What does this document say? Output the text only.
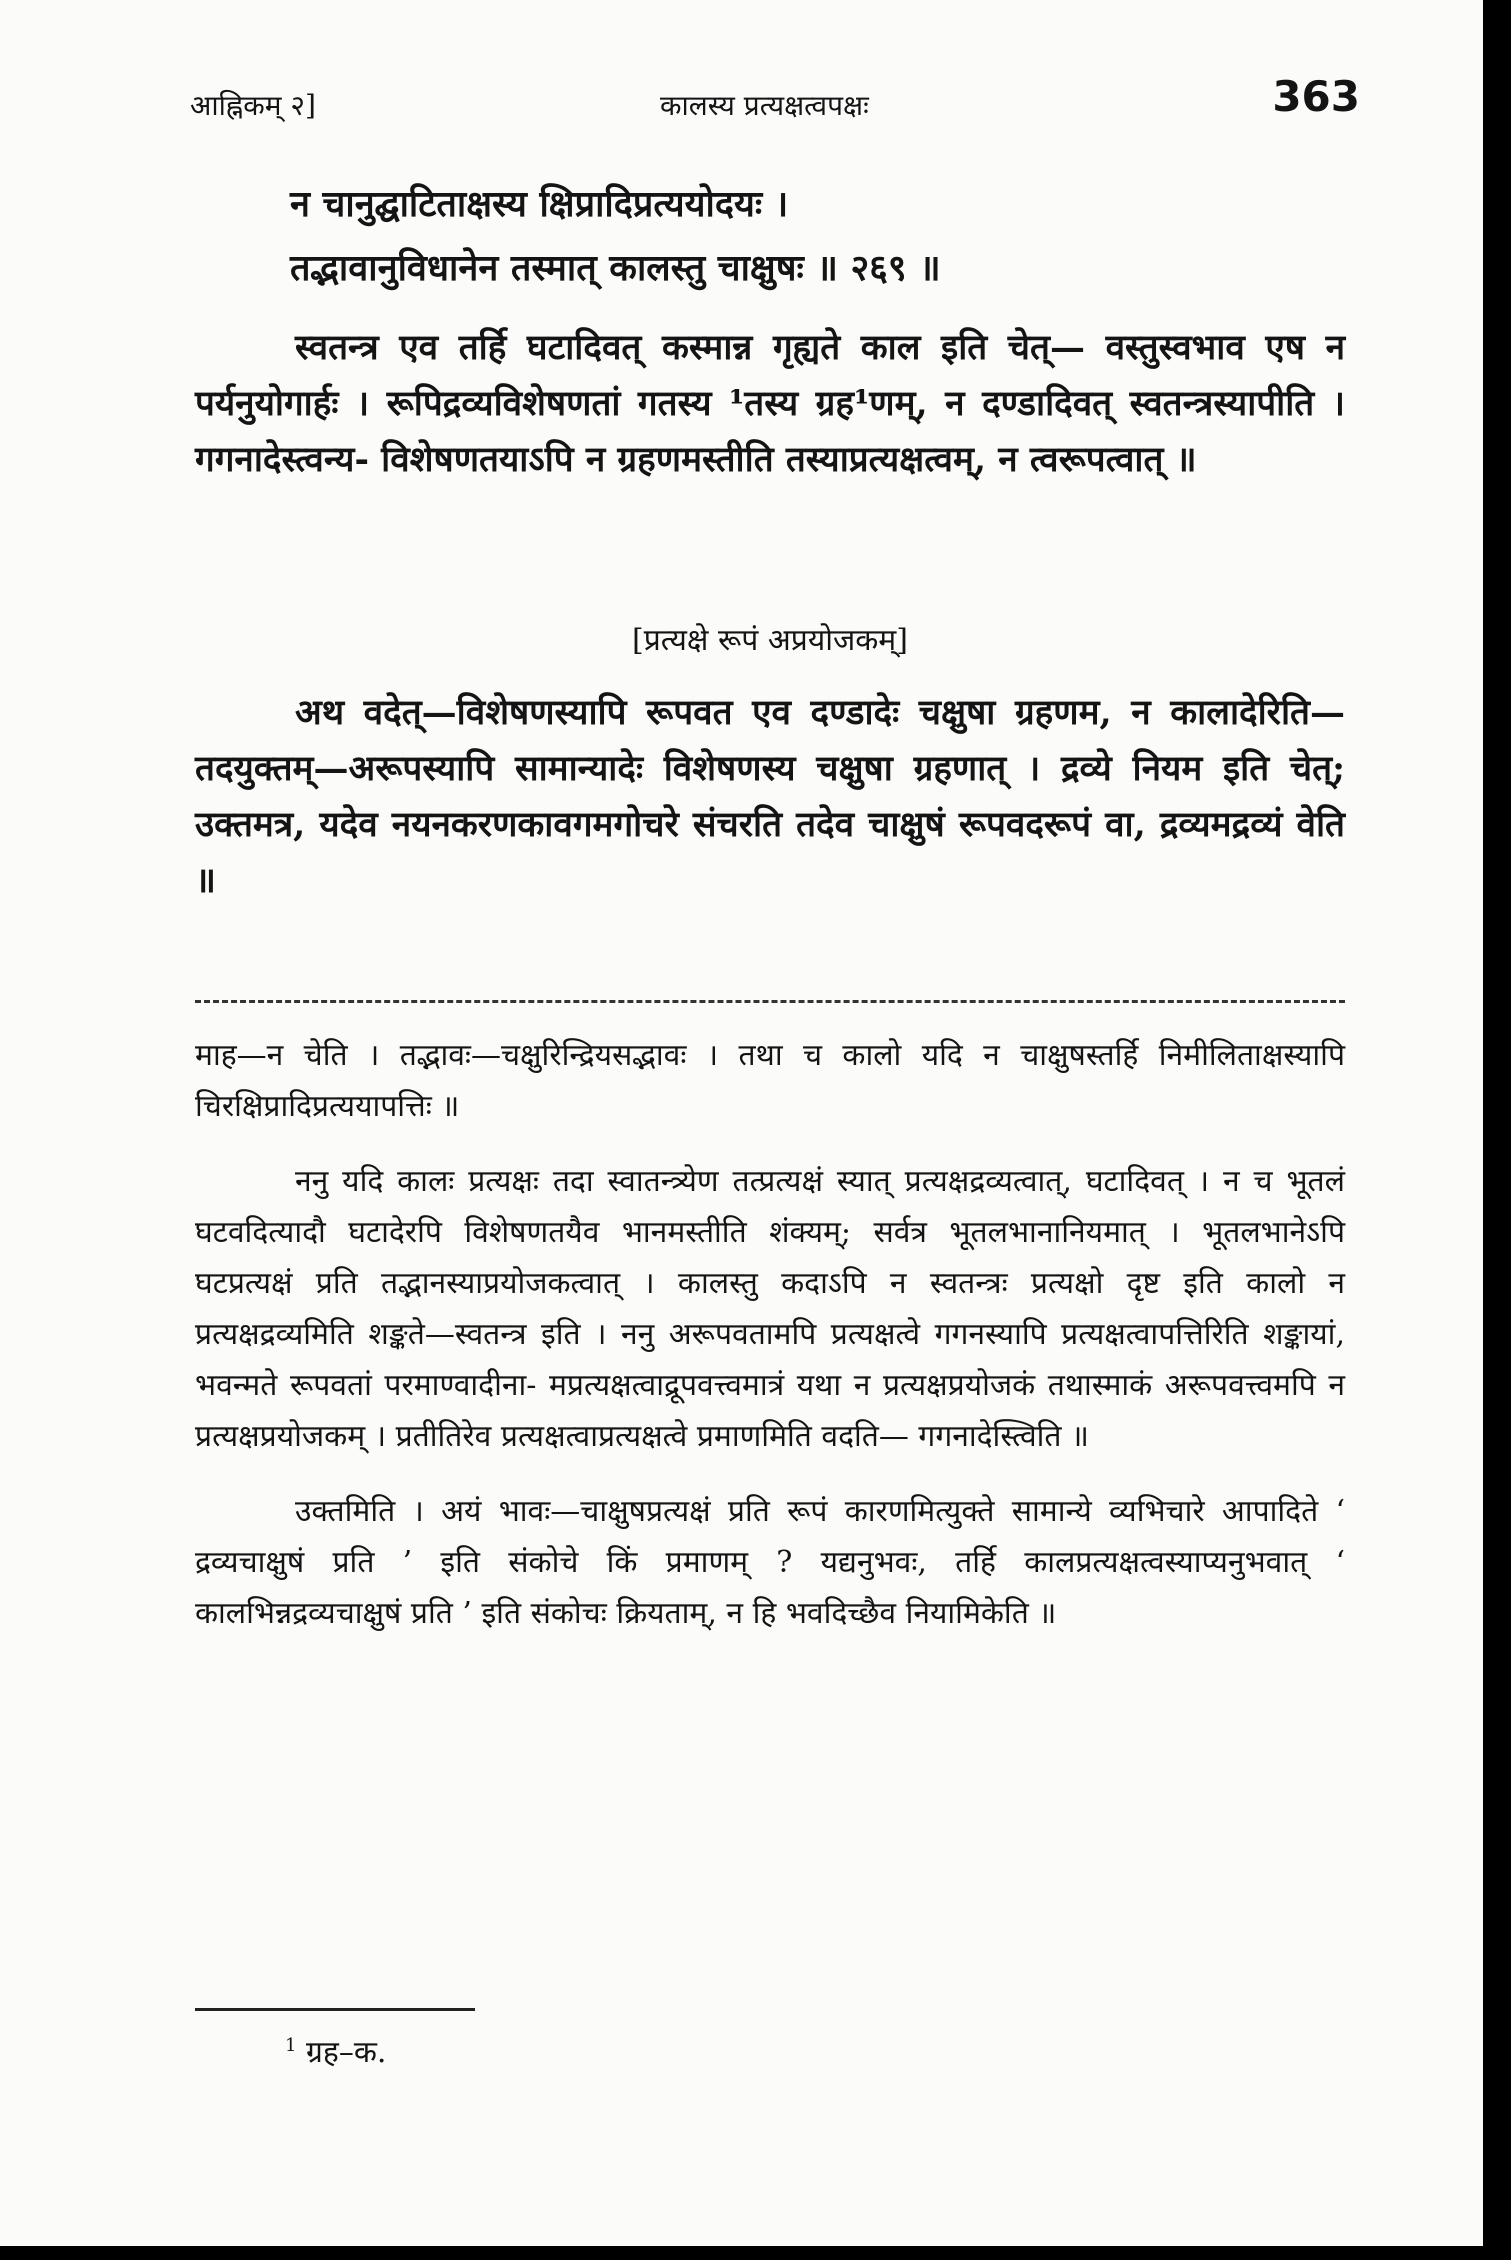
आह्निकम् २]	कालस्य प्रत्यक्षत्वपक्षः	363

न चानुद्घाटिताक्षस्य क्षिप्रादिप्रत्ययोदयः ।

तद्भावानुविधानेन तस्मात् कालस्तु चाक्षुषः ॥ २६९ ॥

स्वतन्त्र एव तर्हि घटादिवत् कस्मान्न गृह्यते काल इति चेत्— वस्तुस्वभाव एष न पर्यनुयोगार्हः । रूपिद्रव्यविशेषणतां गतस्य ¹तस्य ग्रह¹णम्, न दण्डादिवत् स्वतन्त्रस्यापीति । गगनादेस्त्वन्य- विशेषणतयाऽपि न ग्रहणमस्तीति तस्याप्रत्यक्षत्वम्, न त्वरूपत्वात् ॥

[प्रत्यक्षे रूपं अप्रयोजकम्]

अथ वदेत्—विशेषणस्यापि रूपवत एव दण्डादेः चक्षुषा ग्रहणम, न कालादेरिति—तदयुक्तम्—अरूपस्यापि सामान्यादेः विशेषणस्य चक्षुषा ग्रहणात् । द्रव्ये नियम इति चेत्; उक्तमत्र, यदेव नयनकरणकावगमगोचरे संचरति तदेव चाक्षुषं रूपवदरूपं वा, द्रव्यमद्रव्यं वेति ॥

माह—न चेति । तद्भावः—चक्षुरिन्द्रियसद्भावः । तथा च कालो यदि न चाक्षुषस्तर्हि निमीलिताक्षस्यापि चिरक्षिप्रादिप्रत्ययापत्तिः ॥

ननु यदि कालः प्रत्यक्षः तदा स्वातन्त्र्येण तत्प्रत्यक्षं स्यात् प्रत्यक्षद्रव्यत्वात्, घटादिवत् । न च भूतलं घटवदित्यादौ घटादेरपि विशेषणतयैव भानमस्तीति शंक्यम्; सर्वत्र भूतलभानानियमात् । भूतलभानेऽपि घटप्रत्यक्षं प्रति तद्भानस्याप्रयोजकत्वात् । कालस्तु कदाऽपि न स्वतन्त्रः प्रत्यक्षो दृष्ट इति कालो न प्रत्यक्षद्रव्यमिति शङ्कते—स्वतन्त्र इति । ननु अरूपवतामपि प्रत्यक्षत्वे गगनस्यापि प्रत्यक्षत्वापत्तिरिति शङ्कायां, भवन्मते रूपवतां परमाण्वादीना- मप्रत्यक्षत्वाद्रूपवत्त्वमात्रं यथा न प्रत्यक्षप्रयोजकं तथास्माकं अरूपवत्त्वमपि न प्रत्यक्षप्रयोजकम् । प्रतीतिरेव प्रत्यक्षत्वाप्रत्यक्षत्वे प्रमाणमिति वदति— गगनादेस्त्विति ॥

उक्तमिति । अयं भावः—चाक्षुषप्रत्यक्षं प्रति रूपं कारणमित्युक्ते सामान्ये व्यभिचारे आपादिते ‘ द्रव्यचाक्षुषं प्रति ’ इति संकोचे किं प्रमाणम् ? यद्यनुभवः, तर्हि कालप्रत्यक्षत्वस्याप्यनुभवात् ‘ कालभिन्नद्रव्यचाक्षुषं प्रति ’ इति संकोचः क्रियताम्, न हि भवदिच्छैव नियामिकेति ॥

$^1$ ग्रह–क.
